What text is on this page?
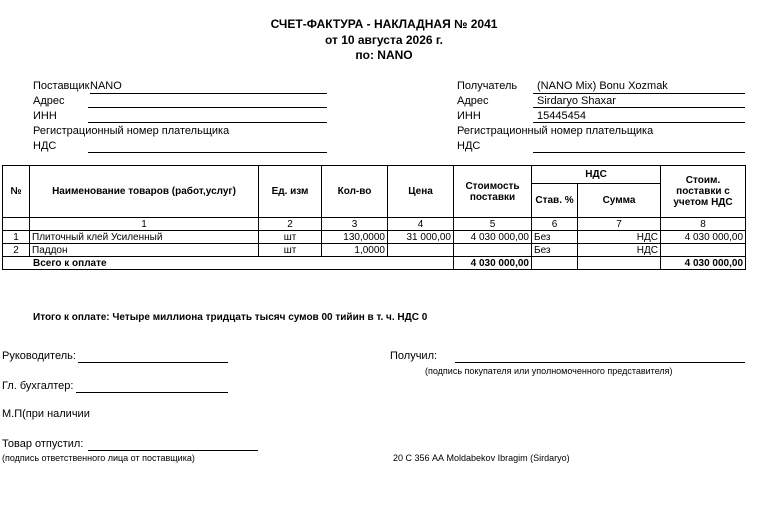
СЧЕТ-ФАКТУРА - НАКЛАДНАЯ № 2041
от 10 августа 2026 г.
по: NANO
Поставщик NANO
Адрес
ИНН
Регистрационный номер плательщика
НДС
Получатель (NANO Mix) Bonu Xozmak
Адрес	Sirdaryo Shaxar
ИНН	15445454
Регистрационный номер плательщика
НДС
№	Наименование товаров (работ,услуг)	Ед. изм	Кол-во	Цена	Стоимость поставки	НДС		Стоим. поставки с учетом НДС
						Став. %	Сумма	
	1	2	3	4	5	6	7	8
1	Плиточный клей Усиленный	шт	130,0000	31 000,00	4 030 000,00	Без	НДС	4 030 000,00
2	Паддон	шт	1,0000			Без	НДС	
Всего к оплате					4 030 000,00			4 030 000,00
Итого к оплате: Четыре миллиона тридцать тысяч сумов 00 тийин в т. ч. НДС 0
Руководитель:
Гл. бухгалтер:
М.П(при наличии
Товар отпустил:
(подпись ответственного лица от поставщика)
Получил:
(подпись покупателя или уполномоченного представителя)
20 С 356 АА Moldabekov Ibragim (Sirdaryo)
